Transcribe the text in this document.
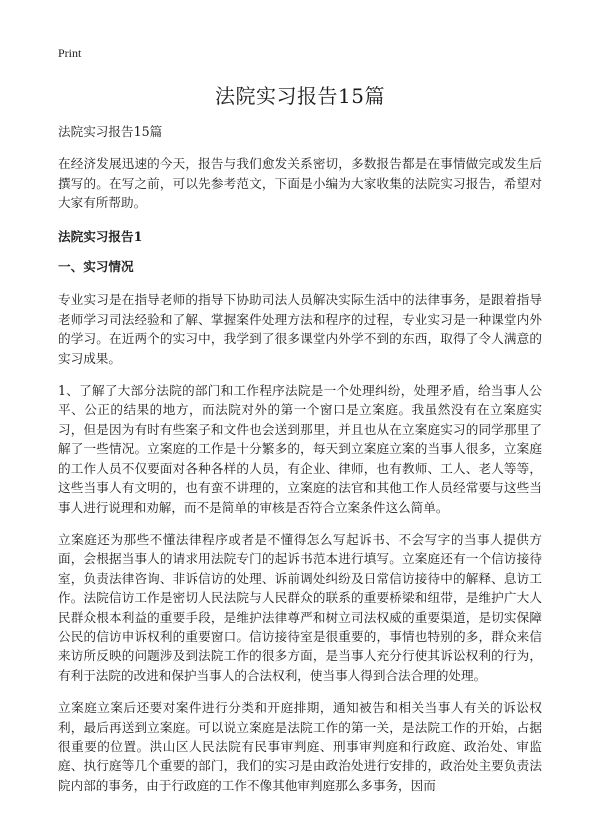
Print
法院实习报告15篇

法院实习报告15篇

在经济发展迅速的今天，报告与我们愈发关系密切，多数报告都是在事情做完或发生后撰写的。在写之前，可以先参考范文，下面是小编为大家收集的法院实习报告，希望对大家有所帮助。

法院实习报告1

一、实习情况

专业实习是在指导老师的指导下协助司法人员解决实际生活中的法律事务，是跟着指导老师学习司法经验和了解、掌握案件处理方法和程序的过程，专业实习是一种课堂内外的学习。在近两个的实习中，我学到了很多课堂内外学不到的东西，取得了令人满意的实习成果。

1、了解了大部分法院的部门和工作程序法院是一个处理纠纷，处理矛盾，给当事人公平、公正的结果的地方，而法院对外的第一个窗口是立案庭。我虽然没有在立案庭实习，但是因为有时有些案子和文件也会送到那里，并且也从在立案庭实习的同学那里了解了一些情况。立案庭的工作是十分繁多的，每天到立案庭立案的当事人很多，立案庭的工作人员不仅要面对各种各样的人员，有企业、律师，也有教师、工人、老人等等，这些当事人有文明的，也有蛮不讲理的，立案庭的法官和其他工作人员经常要与这些当事人进行说理和劝解，而不是简单的审核是否符合立案条件这么简单。

立案庭还为那些不懂法律程序或者是不懂得怎么写起诉书、不会写字的当事人提供方面，会根据当事人的请求用法院专门的起诉书范本进行填写。立案庭还有一个信访接待室，负责法律咨询、非诉信访的处理、诉前调处纠纷及日常信访接待中的解释、息访工作。法院信访工作是密切人民法院与人民群众的联系的重要桥梁和纽带，是维护广大人民群众根本利益的重要手段，是维护法律尊严和树立司法权威的重要渠道，是切实保障公民的信访申诉权利的重要窗口。信访接待室是很重要的，事情也特别的多，群众来信来访所反映的问题涉及到法院工作的很多方面，是当事人充分行使其诉讼权利的行为，有利于法院的改进和保护当事人的合法权利，使当事人得到合法合理的处理。

立案庭立案后还要对案件进行分类和开庭排期，通知被告和相关当事人有关的诉讼权利，最后再送到立案庭。可以说立案庭是法院工作的第一关，是法院工作的开始，占据很重要的位置。洪山区人民法院有民事审判庭、刑事审判庭和行政庭、政治处、审监庭、执行庭等几个重要的部门，我们的实习是由政治处进行安排的，政治处主要负责法院内部的事务，由于行政庭的工作不像其他审判庭那么多事务，因而
